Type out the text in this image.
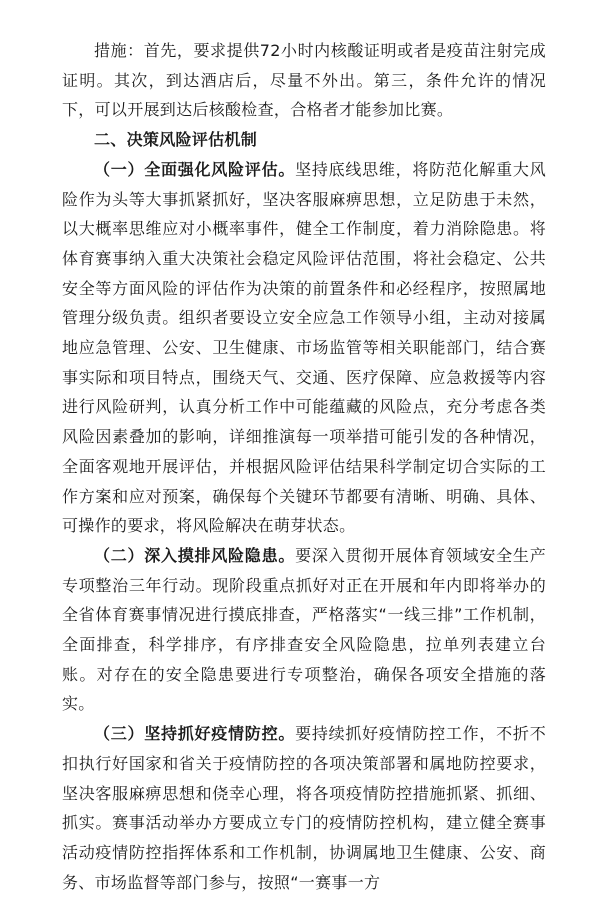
措施：首先，要求提供72小时内核酸证明或者是疫苗注射完成证明。其次，到达酒店后，尽量不外出。第三，条件允许的情况下，可以开展到达后核酸检查，合格者才能参加比赛。

二、决策风险评估机制

（一）全面强化风险评估。坚持底线思维，将防范化解重大风险作为头等大事抓紧抓好，坚决客服麻痹思想，立足防患于未然，以大概率思维应对小概率事件，健全工作制度，着力消除隐患。将体育赛事纳入重大决策社会稳定风险评估范围，将社会稳定、公共安全等方面风险的评估作为决策的前置条件和必经程序，按照属地管理分级负责。组织者要设立安全应急工作领导小组，主动对接属地应急管理、公安、卫生健康、市场监管等相关职能部门，结合赛事实际和项目特点，围绕天气、交通、医疗保障、应急救援等内容进行风险研判，认真分析工作中可能蕴藏的风险点，充分考虑各类风险因素叠加的影响，详细推演每一项举措可能引发的各种情况，全面客观地开展评估，并根据风险评估结果科学制定切合实际的工作方案和应对预案，确保每个关键环节都要有清晰、明确、具体、可操作的要求，将风险解决在萌芽状态。

（二）深入摸排风险隐患。要深入贯彻开展体育领域安全生产专项整治三年行动。现阶段重点抓好对正在开展和年内即将举办的全省体育赛事情况进行摸底排查，严格落实“一线三排”工作机制，全面排查，科学排序，有序排查安全风险隐患，拉单列表建立台账。对存在的安全隐患要进行专项整治，确保各项安全措施的落实。

（三）坚持抓好疫情防控。要持续抓好疫情防控工作，不折不扣执行好国家和省关于疫情防控的各项决策部署和属地防控要求，坚决客服麻痹思想和侥幸心理，将各项疫情防控措施抓紧、抓细、抓实。赛事活动举办方要成立专门的疫情防控机构，建立健全赛事活动疫情防控指挥体系和工作机制，协调属地卫生健康、公安、商务、市场监督等部门参与，按照“一赛事一方
